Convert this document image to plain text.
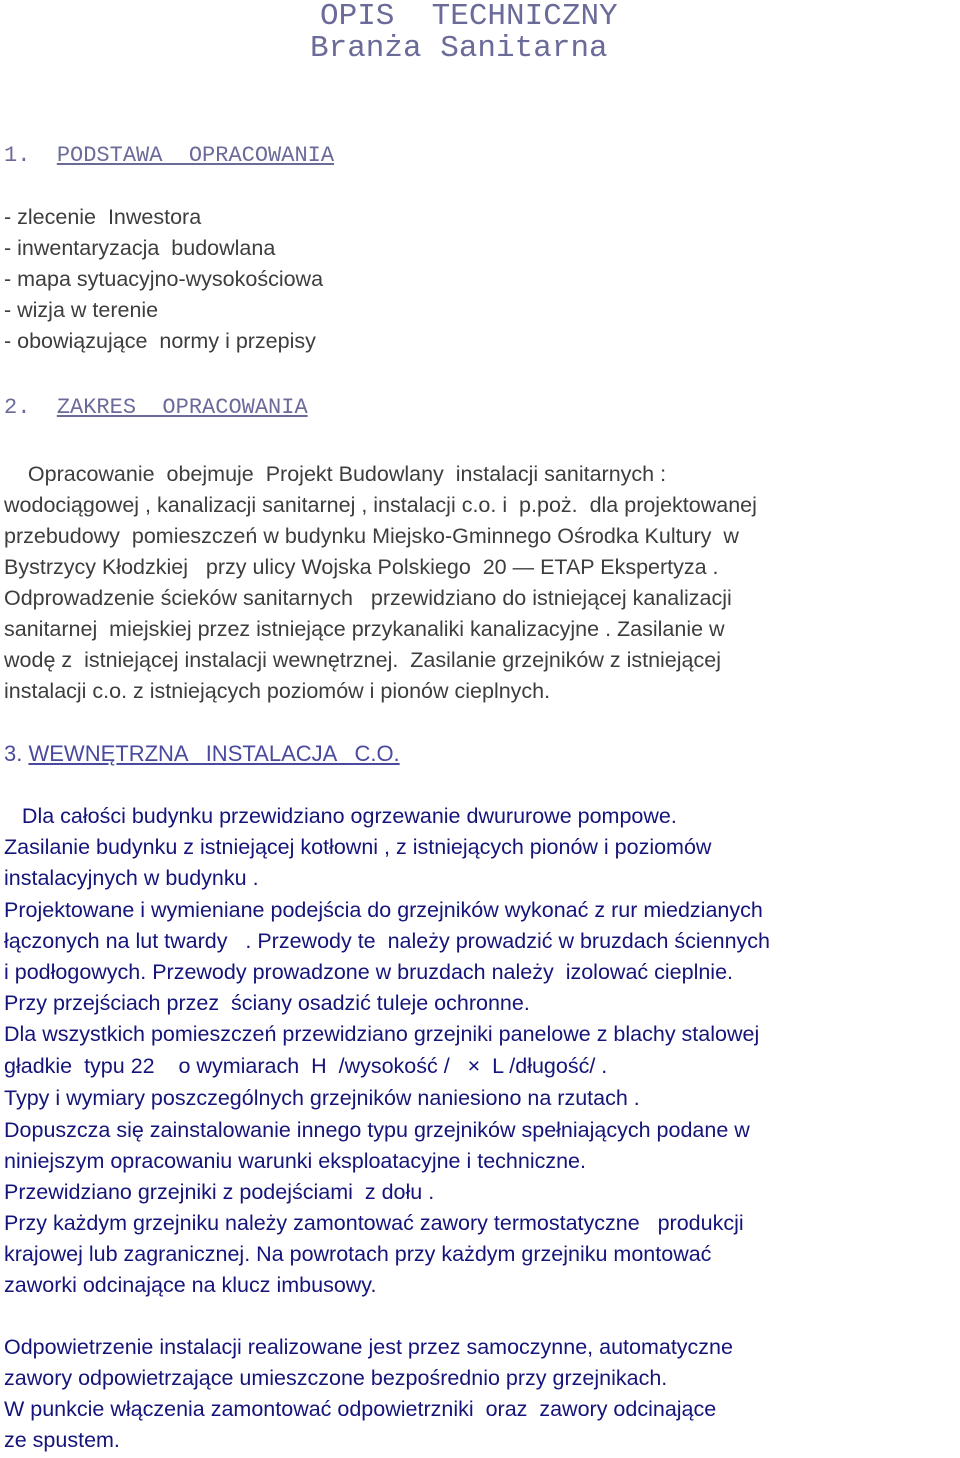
OPIS  TECHNICZNY
Branża Sanitarna
1. PODSTAWA  OPRACOWANIA
- zlecenie  Inwestora
- inwentaryzacja  budowlana
- mapa sytuacyjno-wysokościowa
- wizja w terenie
- obowiązujące  normy i przepisy
2. ZAKRES  OPRACOWANIA
Opracowanie  obejmuje  Projekt Budowlany  instalacji sanitarnych :
wodociągowej , kanalizacji sanitarnej , instalacji c.o. i  p.poż.  dla projektowanej
przebudowy  pomieszczeń w budynku Miejsko-Gminnego Ośrodka Kultury  w
Bystrzycy Kłodzkiej   przy ulicy Wojska Polskiego  20 — ETAP Ekspertyza .
Odprowadzenie ścieków sanitarnych   przewidziano do istniejącej kanalizacji
sanitarnej  miejskiej przez istniejące przykanaliki kanalizacyjne . Zasilanie w
wodę z  istniejącej instalacji wewnętrznej.  Zasilanie grzejników z istniejącej
instalacji c.o. z istniejących poziomów i pionów cieplnych.
3. WEWNĘTRZNA   INSTALACJA   C.O.
Dla całości budynku przewidziano ogrzewanie dwururowe pompowe.
Zasilanie budynku z istniejącej kotłowni , z istniejących pionów i poziomów
instalacyjnych w budynku .
Projektowane i wymieniane podejścia do grzejników wykonać z rur miedzianych
łączonych na lut twardy   . Przewody te  należy prowadzić w bruzdach ściennych
i podłogowych. Przewody prowadzone w bruzdach należy  izolować cieplnie.
Przy przejściach przez  ściany osadzić tuleje ochronne.
Dla wszystkich pomieszczeń przewidziano grzejniki panelowe z blachy stalowej
gładkie  typu 22    o wymiarach  H  /wysokość /   ×  L /długość/ .
Typy i wymiary poszczególnych grzejników naniesiono na rzutach .
Dopuszcza się zainstalowanie innego typu grzejników spełniających podane w
niniejszym opracowaniu warunki eksploatacyjne i techniczne.
Przewidziano grzejniki z podejściami  z dołu .
Przy każdym grzejniku należy zamontować zawory termostatyczne   produkcji
krajowej lub zagranicznej. Na powrotach przy każdym grzejniku montować
zaworki odcinające na klucz imbusowy.
Odpowietrzenie instalacji realizowane jest przez samoczynne, automatyczne
zawory odpowietrzające umieszczone bezpośrednio przy grzejnikach.
W punkcie włączenia zamontować odpowietrzniki  oraz  zawory odcinające
ze spustem.
